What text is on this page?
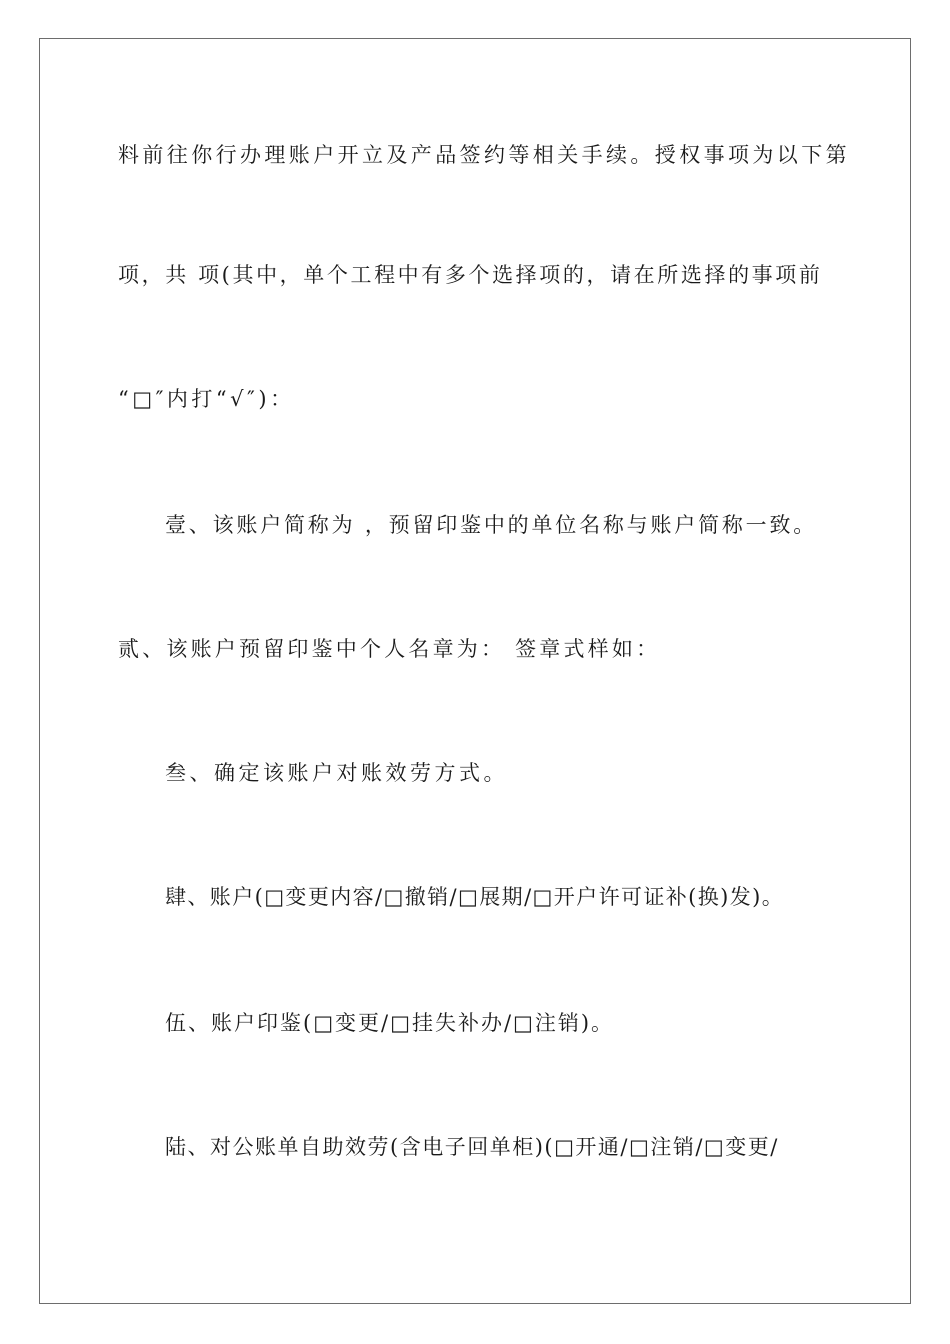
料前往你行办理账户开立及产品签约等相关手续。授权事项为以下第
项，共 项(其中，单个工程中有多个选择项的，请在所选择的事项前
“□″内打“√″)：
壹、该账户简称为 ，预留印鉴中的单位名称与账户简称一致。
贰、该账户预留印鉴中个人名章为： 签章式样如：
叁、确定该账户对账效劳方式。
肆、账户(□变更内容/□撤销/□展期/□开户许可证补(换)发)。
伍、账户印鉴(□变更/□挂失补办/□注销)。
陆、对公账单自助效劳(含电子回单柜)(□开通/□注销/□变更/
